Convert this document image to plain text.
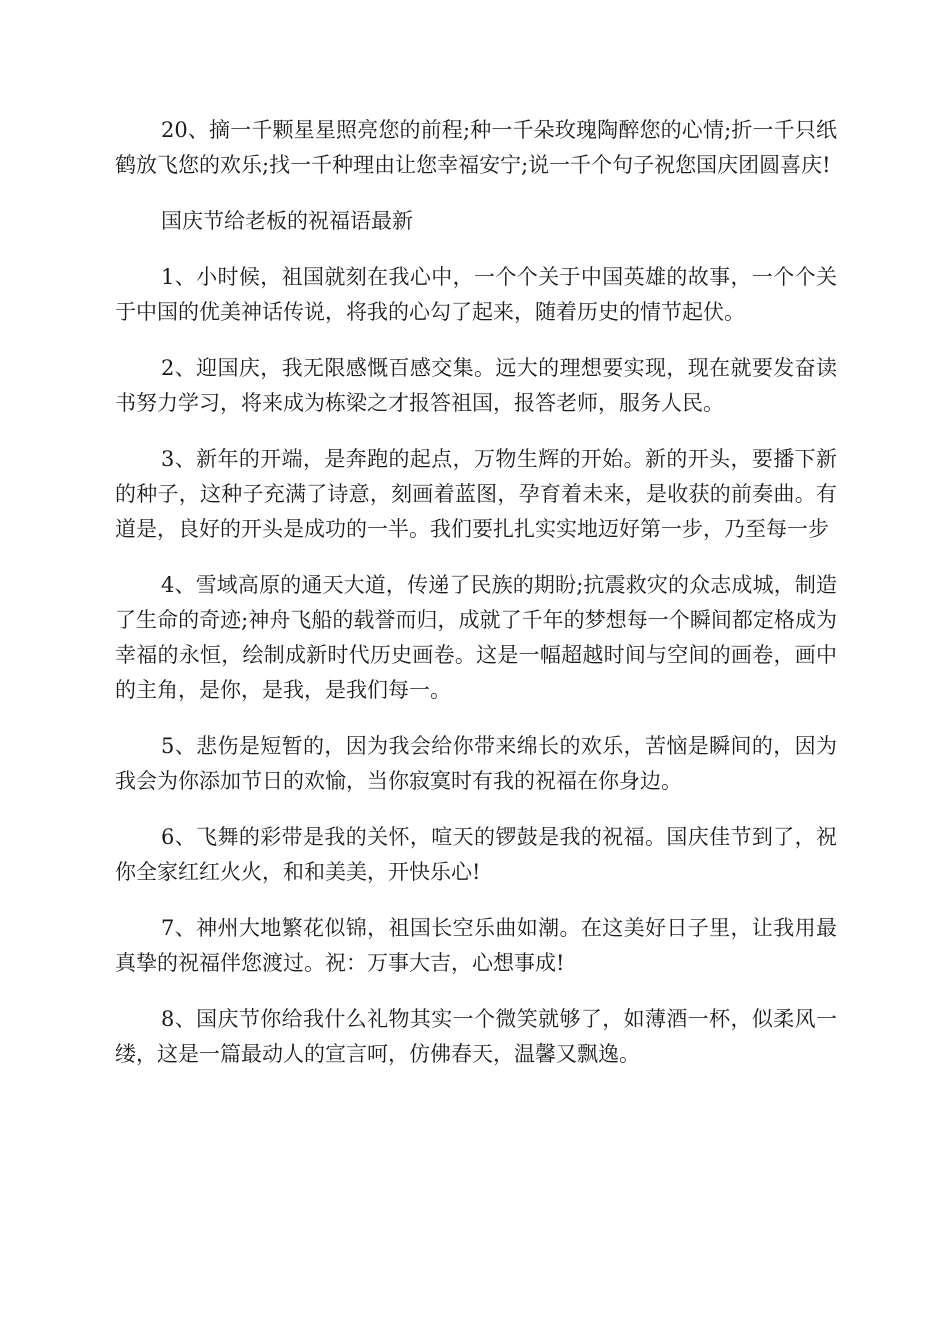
20、摘一千颗星星照亮您的前程;种一千朵玫瑰陶醉您的心情;折一千只纸鹤放飞您的欢乐;找一千种理由让您幸福安宁;说一千个句子祝您国庆团圆喜庆!

国庆节给老板的祝福语最新

1、小时候，祖国就刻在我心中，一个个关于中国英雄的故事，一个个关于中国的优美神话传说，将我的心勾了起来，随着历史的情节起伏。

2、迎国庆，我无限感慨百感交集。远大的理想要实现，现在就要发奋读书努力学习，将来成为栋梁之才报答祖国，报答老师，服务人民。

3、新年的开端，是奔跑的起点，万物生辉的开始。新的开头，要播下新的种子，这种子充满了诗意，刻画着蓝图，孕育着未来，是收获的前奏曲。有道是，良好的开头是成功的一半。我们要扎扎实实地迈好第一步，乃至每一步

4、雪域高原的通天大道，传递了民族的期盼;抗震救灾的众志成城，制造了生命的奇迹;神舟飞船的载誉而归，成就了千年的梦想每一个瞬间都定格成为幸福的永恒，绘制成新时代历史画卷。这是一幅超越时间与空间的画卷，画中的主角，是你，是我，是我们每一。

5、悲伤是短暂的，因为我会给你带来绵长的欢乐，苦恼是瞬间的，因为我会为你添加节日的欢愉，当你寂寞时有我的祝福在你身边。

6、飞舞的彩带是我的关怀，喧天的锣鼓是我的祝福。国庆佳节到了，祝你全家红红火火，和和美美，开快乐心!

7、神州大地繁花似锦，祖国长空乐曲如潮。在这美好日子里，让我用最真挚的祝福伴您渡过。祝：万事大吉，心想事成!

8、国庆节你给我什么礼物其实一个微笑就够了，如薄酒一杯，似柔风一缕，这是一篇最动人的宣言呵，仿佛春天，温馨又飘逸。
